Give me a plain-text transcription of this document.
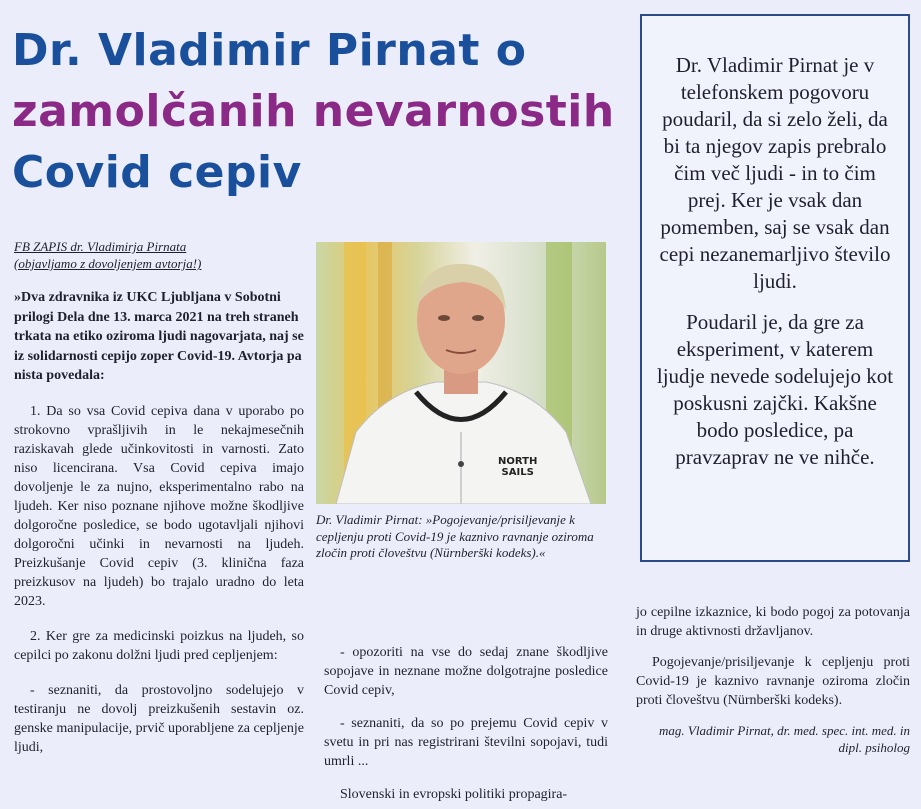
Dr. Vladimir Pirnat o
zamolčanih nevarnostih
Covid cepiv
FB ZAPIS dr. Vladimirja Pirnata
(objavljamo z dovoljenjem avtorja!)

»Dva zdravnika iz UKC Ljubljana v Sobotni prilogi Dela dne 13. marca 2021 na treh straneh trkata na etiko oziroma ljudi nagovarjata, naj se iz solidarnosti cepijo zoper Covid-19. Avtorja pa nista povedala:

1. Da so vsa Covid cepiva dana v uporabo po strokovno vprašljivih in le nekajmesečnih raziskavah glede učinkovitosti in varnosti. Zato niso licencirana. Vsa Covid cepiva imajo dovoljenje le za nujno, eksperimentalno rabo na ljudeh. Ker niso poznane njihove možne škodljive dolgoročne posledice, se bodo ugotavljali njihovi dolgoročni učinki in nevarnosti na ljudeh. Preizkušanje Covid cepiv (3. klinična faza preizkusov na ljudeh) bo trajalo uradno do leta 2023.

2. Ker gre za medicinski poizkus na ljudeh, so cepilci po zakonu dolžni ljudi pred cepljenjem:

- seznaniti, da prostovoljno sodelujejo v testiranju ne dovolj preizkušenih sestavin oz. genske manipulacije, prvič uporabljene za cepljenje ljudi,

NORTH
SAILS

Dr. Vladimir Pirnat: »Pogojevanje/prisiljevanje k cepljenju proti Covid-19 je kaznivo ravnanje oziroma zločin proti človeštvu (Nürnberški kodeks).«

- opozoriti na vse do sedaj znane škodljive sopojave in neznane možne dolgotrajne posledice Covid cepiv,

- seznaniti, da so po prejemu Covid cepiv v svetu in pri nas registrirani številni sopojavi, tudi umrli ...

Slovenski in evropski politiki propagira-

Dr. Vladimir Pirnat je v telefonskem pogovoru poudaril, da si zelo želi, da bi ta njegov zapis prebralo čim več ljudi - in to čim prej. Ker je vsak dan pomemben, saj se vsak dan cepi nezanemarljivo število ljudi.

Poudaril je, da gre za eksperiment, v katerem ljudje nevede sodelujejo kot poskusni zajčki. Kakšne bodo posledice, pa pravzaprav ne ve nihče.

jo cepilne izkaznice, ki bodo pogoj za potovanja in druge aktivnosti državljanov.

Pogojevanje/prisiljevanje k cepljenju proti Covid-19 je kaznivo ravnanje oziroma zločin proti človeštvu (Nürnberški kodeks).

mag. Vladimir Pirnat, dr. med. spec. int. med. in dipl. psiholog
